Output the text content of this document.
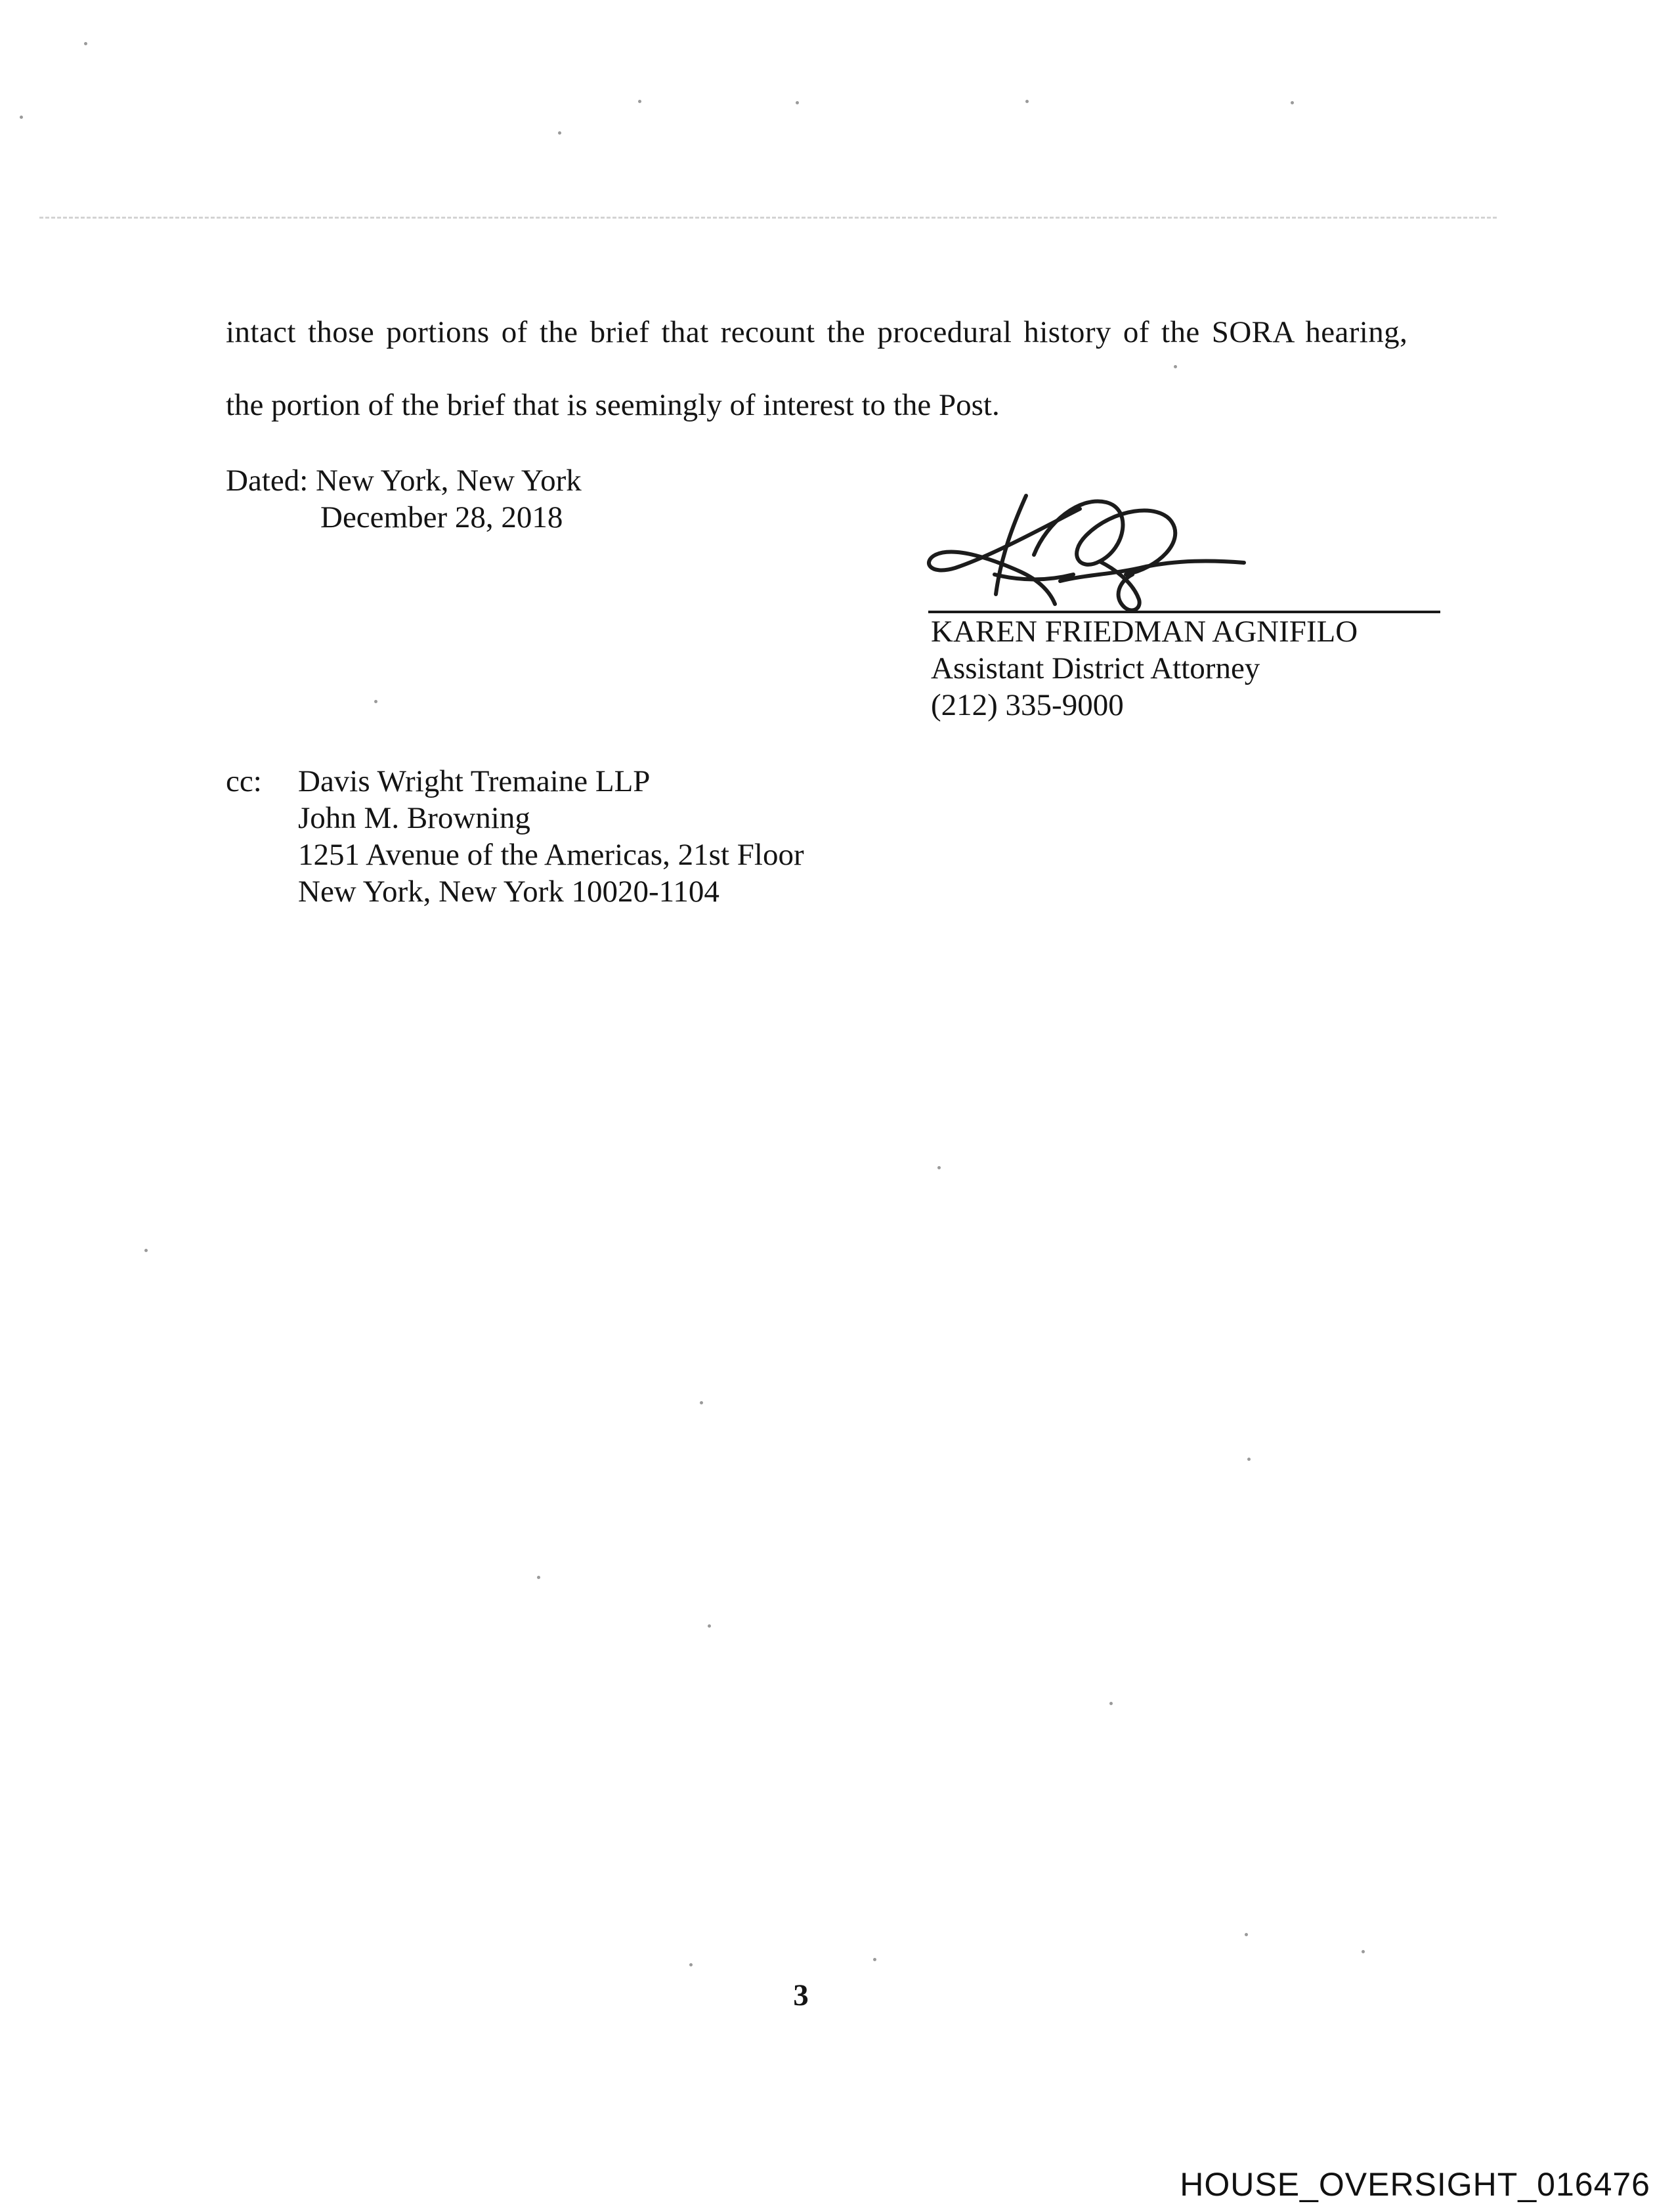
intact those portions of the brief that recount the procedural history of the SORA hearing,
the portion of the brief that is seemingly of interest to the Post.
Dated: New York, New York
December 28, 2018
KAREN FRIEDMAN AGNIFILO
Assistant District Attorney
(212) 335-9000
cc: Davis Wright Tremaine LLP
John M. Browning
1251 Avenue of the Americas, 21st Floor
New York, New York 10020-1104
3
HOUSE_OVERSIGHT_016476
